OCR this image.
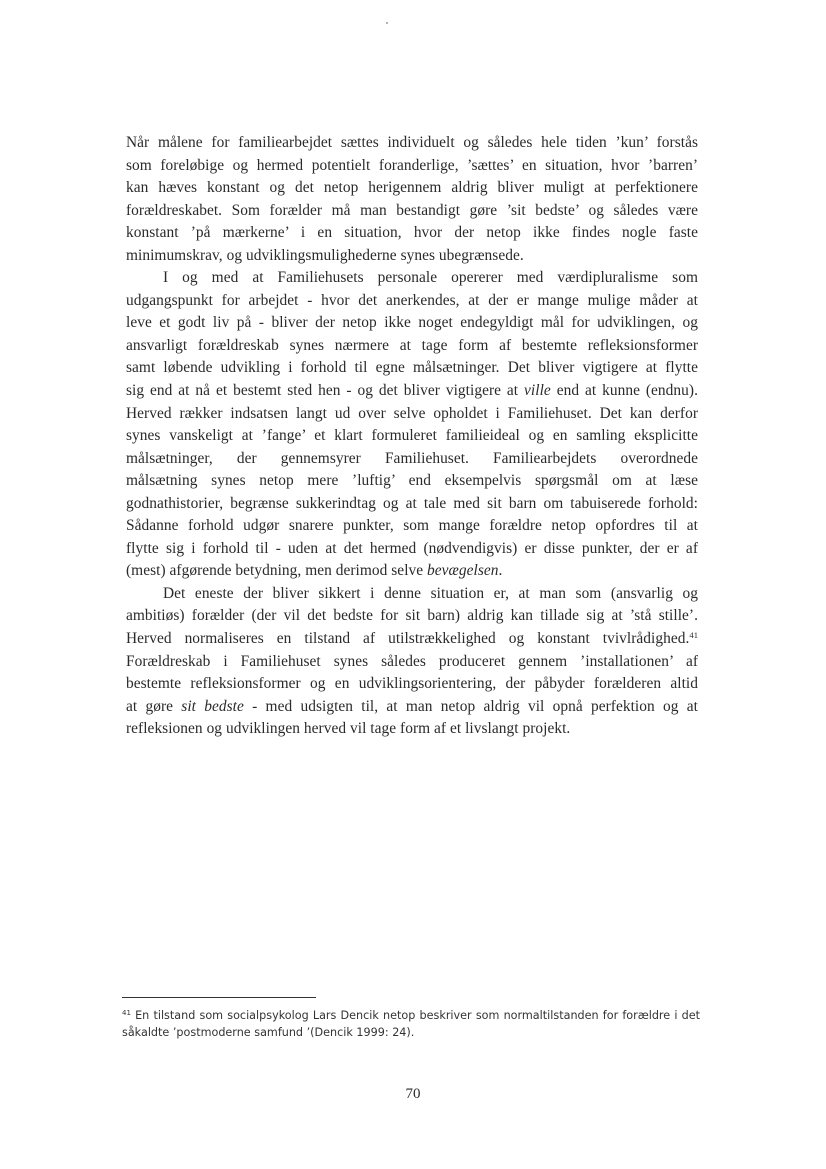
Når målene for familiearbejdet sættes individuelt og således hele tiden ’kun’ forstås
som foreløbige og hermed potentielt foranderlige, ’sættes’ en situation, hvor ’barren’
kan hæves konstant og det netop herigennem aldrig bliver muligt at perfektionere
forældreskabet. Som forælder må man bestandigt gøre ’sit bedste’ og således være
konstant ’på mærkerne’ i en situation, hvor der netop ikke findes nogle faste
minimumskrav, og udviklingsmulighederne synes ubegrænsede.

I og med at Familiehusets personale opererer med værdipluralisme som
udgangspunkt for arbejdet - hvor det anerkendes, at der er mange mulige måder at
leve et godt liv på - bliver der netop ikke noget endegyldigt mål for udviklingen, og
ansvarligt forældreskab synes nærmere at tage form af bestemte refleksionsformer
samt løbende udvikling i forhold til egne målsætninger. Det bliver vigtigere at flytte
sig end at nå et bestemt sted hen - og det bliver vigtigere at ville end at kunne (endnu).
Herved rækker indsatsen langt ud over selve opholdet i Familiehuset. Det kan derfor
synes vanskeligt at ’fange’ et klart formuleret familieideal og en samling eksplicitte
målsætninger, der gennemsyrer Familiehuset. Familiearbejdets overordnede
målsætning synes netop mere ’luftig’ end eksempelvis spørgsmål om at læse
godnathistorier, begrænse sukkerindtag og at tale med sit barn om tabuiserede forhold:
Sådanne forhold udgør snarere punkter, som mange forældre netop opfordres til at
flytte sig i forhold til - uden at det hermed (nødvendigvis) er disse punkter, der er af
(mest) afgørende betydning, men derimod selve bevægelsen.

Det eneste der bliver sikkert i denne situation er, at man som (ansvarlig og
ambitiøs) forælder (der vil det bedste for sit barn) aldrig kan tillade sig at ’stå stille’.
Herved normaliseres en tilstand af utilstrækkelighed og konstant tvivlrådighed.$^{41}$
Forældreskab i Familiehuset synes således produceret gennem ’installationen’ af
bestemte refleksionsformer og en udviklingsorientering, der påbyder forælderen altid
at gøre sit bedste - med udsigten til, at man netop aldrig vil opnå perfektion og at
refleksionen og udviklingen herved vil tage form af et livslangt projekt.

$^{41}$ En tilstand som socialpsykolog Lars Dencik netop beskriver som normaltilstanden for forældre i det
såkaldte ’postmoderne samfund ’(Dencik 1999: 24).
70
